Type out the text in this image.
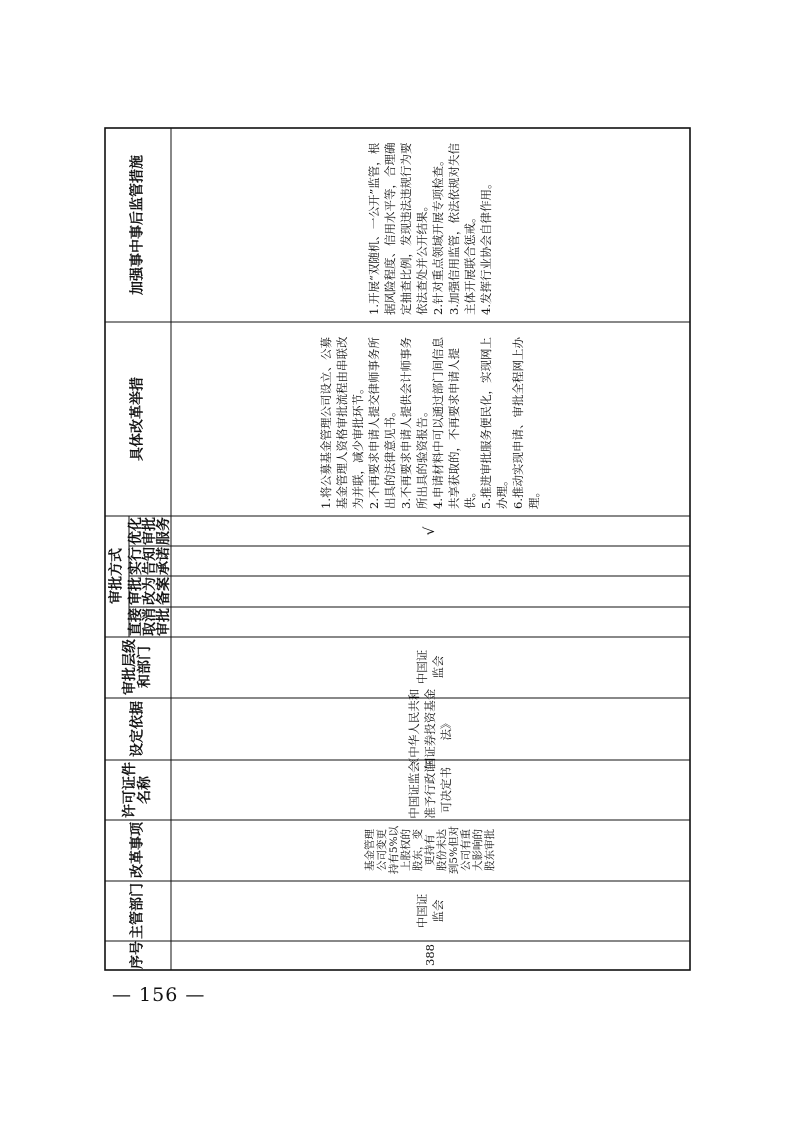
加强事中事后监管措施
具体改革举措
审批方式
优化
审批
服务
实行
告知
承诺
审批
改为
备案
直接
取消
审批
审批层级
和部门
设定依据
许可证件
名称
改革事项
主管部门
序号
1.开展“双随机、一公开”监管，根据风险程度、信用水平等，合理确定抽查比例，发现违法违规行为要依法查处并公开结果。
2.针对重点领域开展专项检查。
3.加强信用监管，依法依规对失信主体开展联合惩戒。
4.发挥行业协会自律作用。
1.将公募基金管理公司设立、公募基金管理人资格审批流程由串联改为并联，减少审批环节。
2.不再要求申请人提交律师事务所出具的法律意见书。
3.不再要求申请人提供会计师事务所出具的验资报告。
4.申请材料中可以通过部门间信息共享获取的，不再要求申请人提供。
5.推进审批服务便民化，实现网上办理。
6.推动实现申请、审批全程网上办理。
√
中国证
监会
《中华人民共和
国证券投资基金
法》
中国证监会
准予行政许
可决定书
基金管理
公司变更
持有5%以
上股权的
股东，变
更持有
股份未达
到5%但对
公司有重
大影响的
股东审批
中国证
监会
388
— 156 —
